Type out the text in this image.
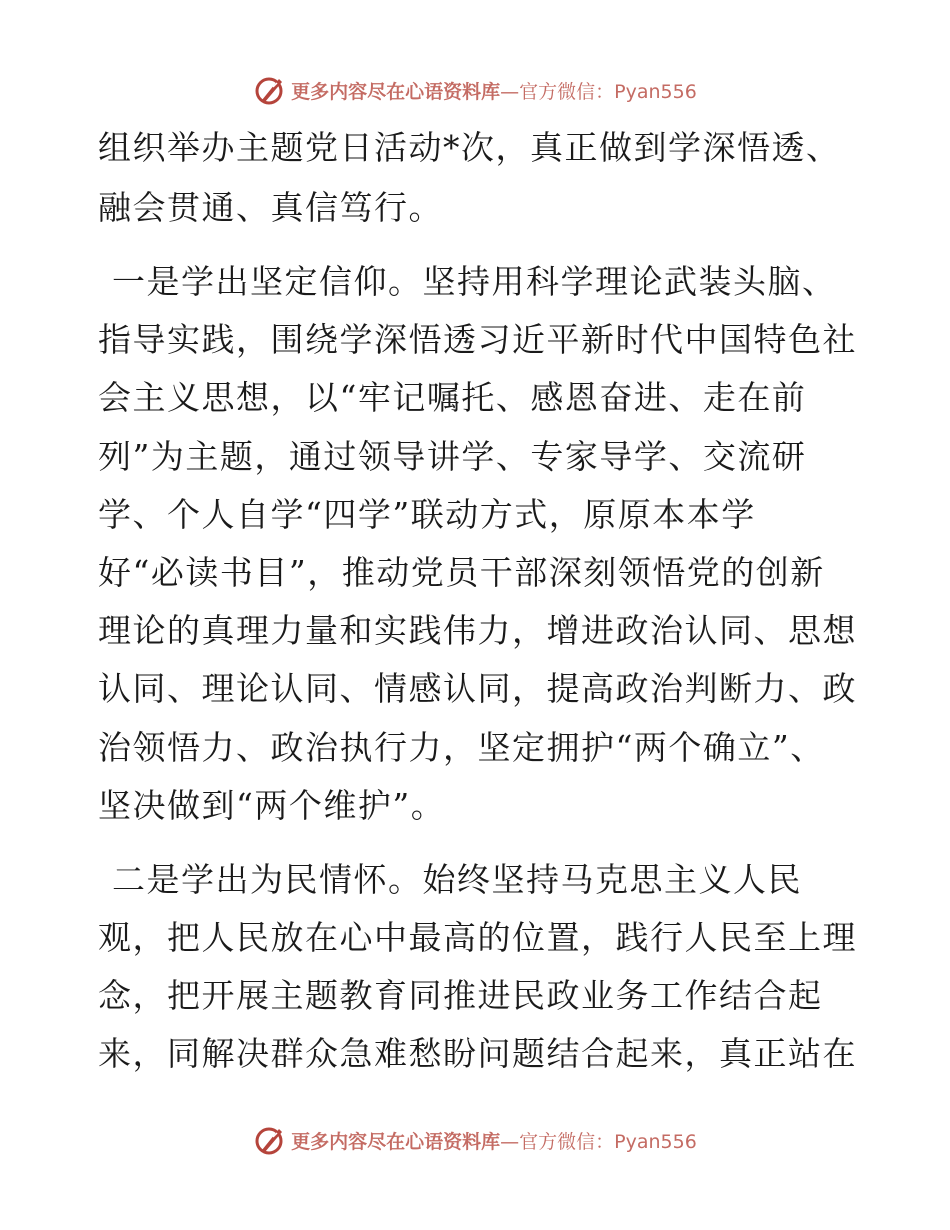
更多内容尽在心语资料库—官方微信：Pyan556
组织举办主题党日活动*次，真正做到学深悟透、
融会贯通、真信笃行。
一是学出坚定信仰。坚持用科学理论武装头脑、
指导实践，围绕学深悟透习近平新时代中国特色社
会主义思想，以“牢记嘱托、感恩奋进、走在前
列”为主题，通过领导讲学、专家导学、交流研
学、个人自学“四学”联动方式，原原本本学
好“必读书目”，推动党员干部深刻领悟党的创新
理论的真理力量和实践伟力，增进政治认同、思想
认同、理论认同、情感认同，提高政治判断力、政
治领悟力、政治执行力，坚定拥护“两个确立”、
坚决做到“两个维护”。
二是学出为民情怀。始终坚持马克思主义人民
观，把人民放在心中最高的位置，践行人民至上理
念，把开展主题教育同推进民政业务工作结合起
来，同解决群众急难愁盼问题结合起来，真正站在
更多内容尽在心语资料库—官方微信：Pyan556
